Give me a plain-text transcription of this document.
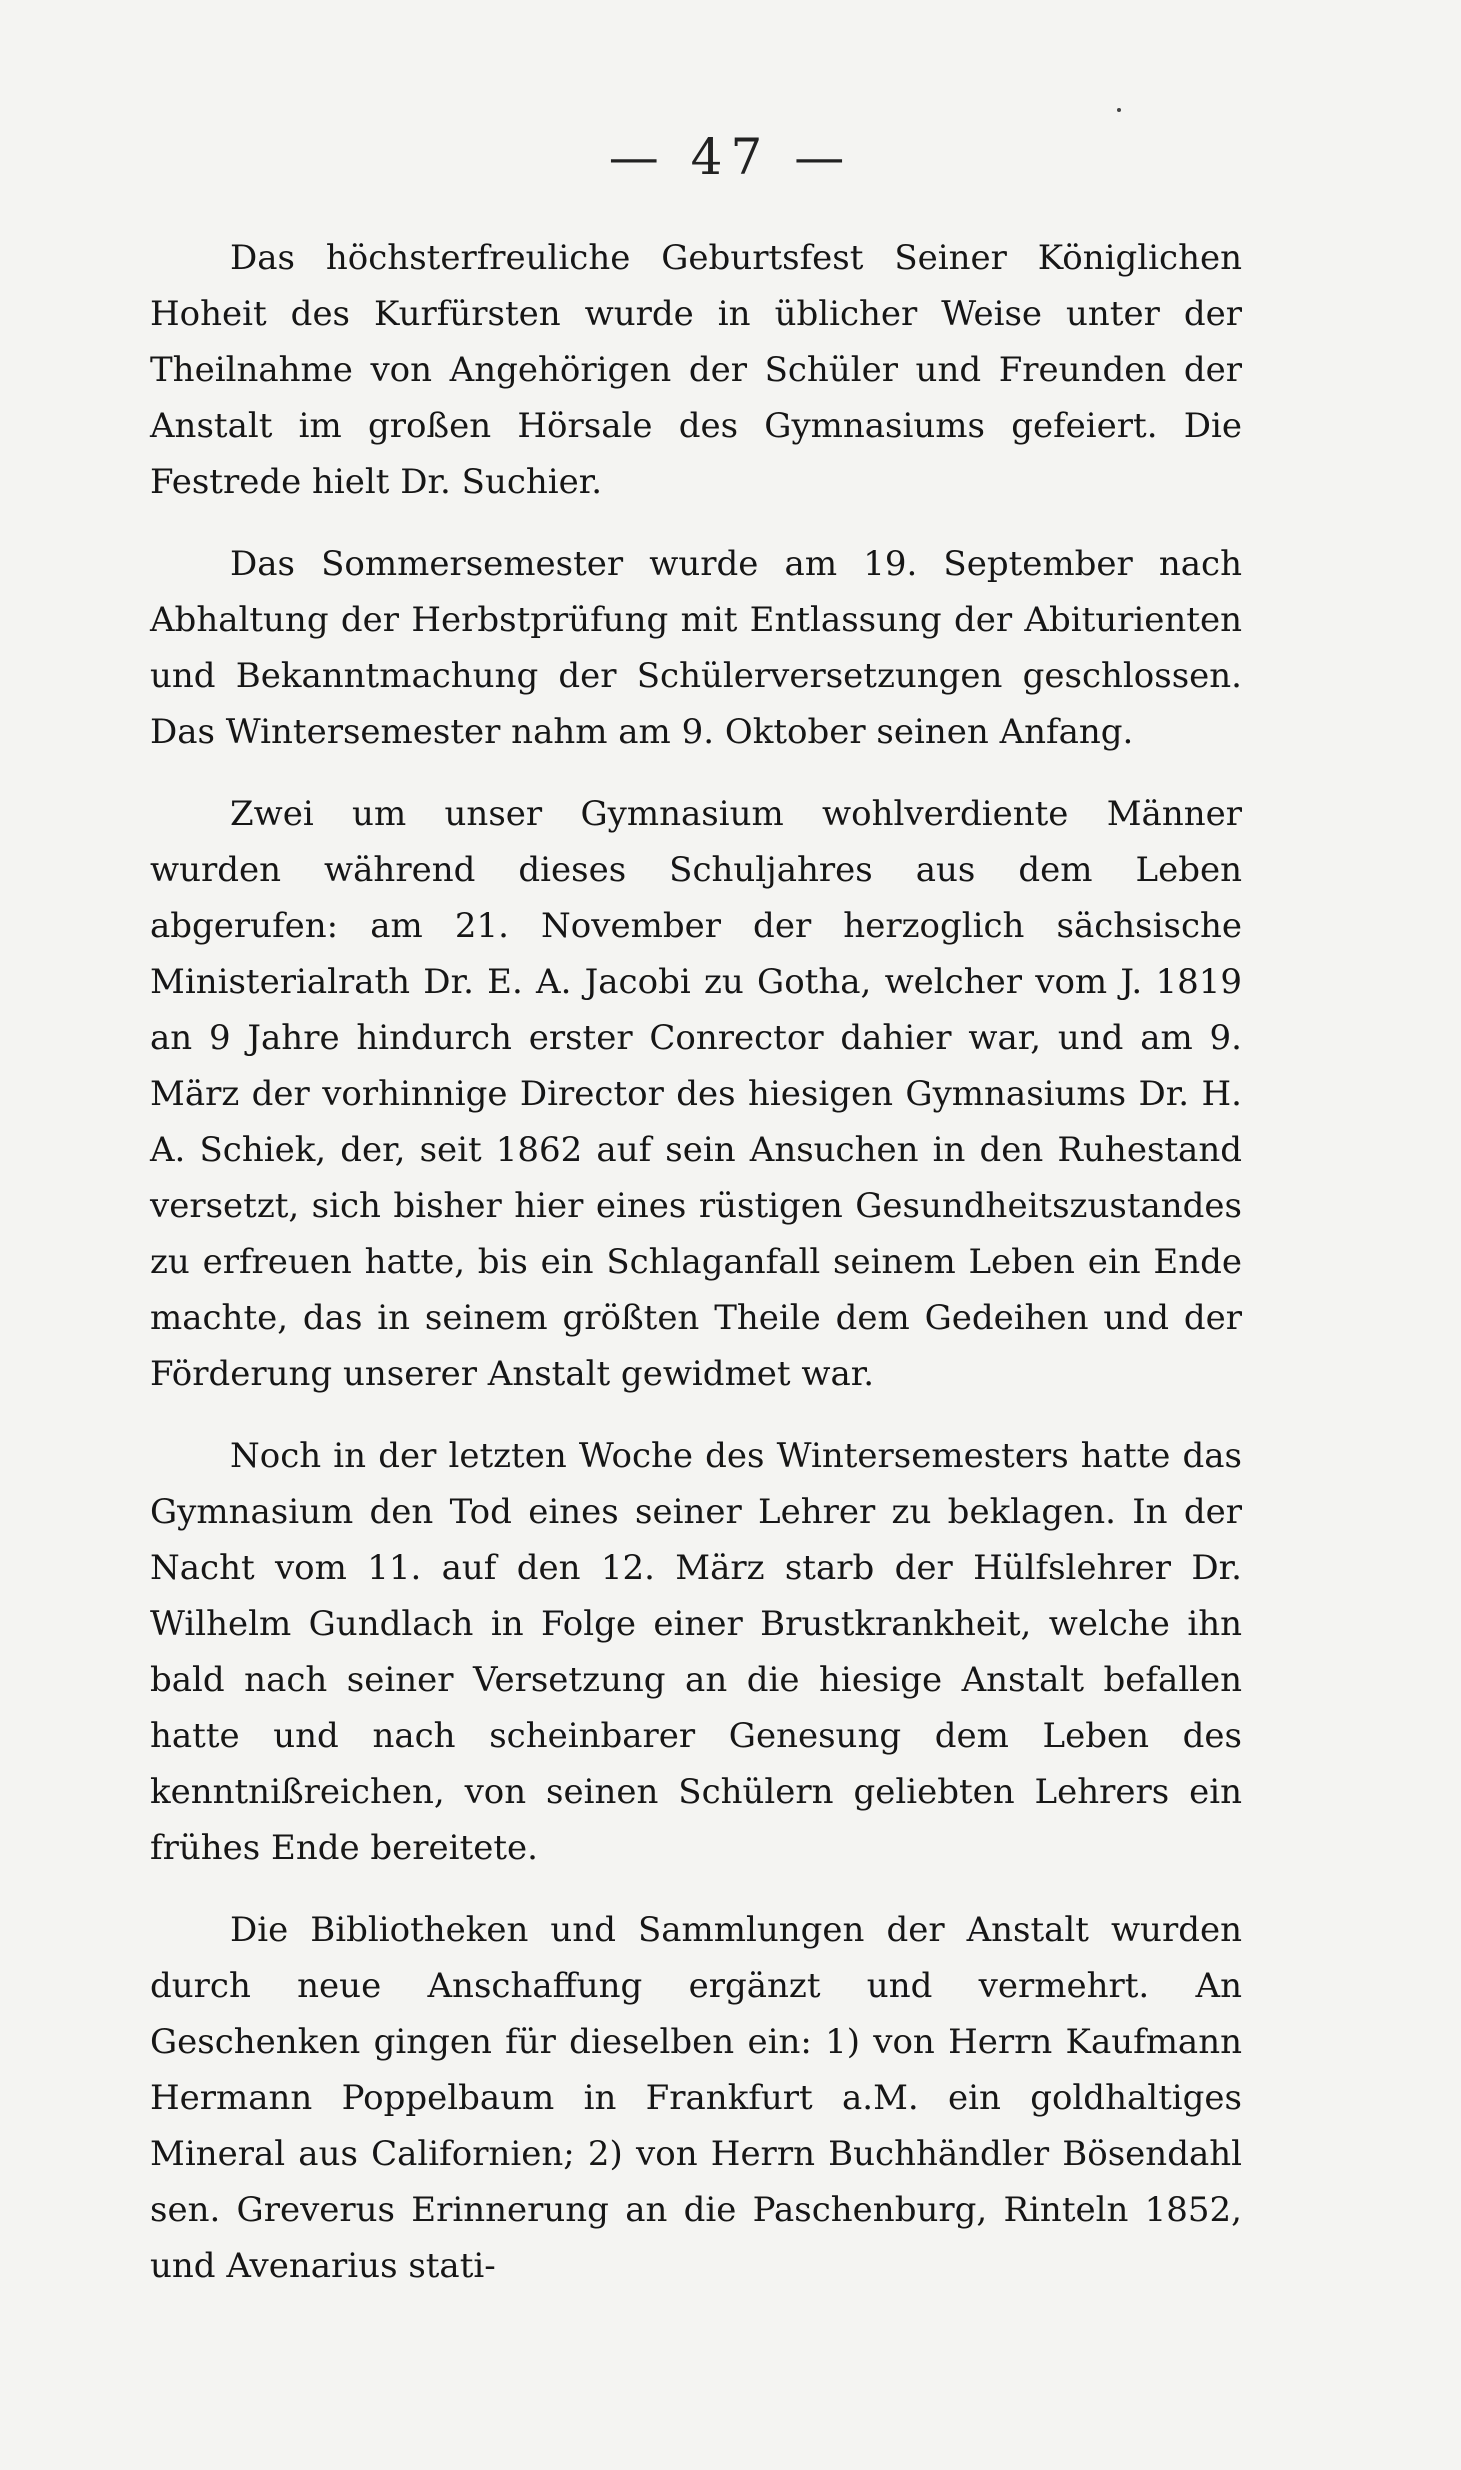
— 47 —

Das höchsterfreuliche Geburtsfest Seiner Königlichen Hoheit des Kurfürsten wurde in üblicher Weise unter der Theilnahme von Angehörigen der Schüler und Freunden der Anstalt im großen Hörsale des Gymnasiums gefeiert. Die Festrede hielt Dr. Suchier.

Das Sommersemester wurde am 19. September nach Abhaltung der Herbstprüfung mit Entlassung der Abiturienten und Bekanntmachung der Schülerversetzungen geschlossen. Das Wintersemester nahm am 9. Oktober seinen Anfang.

Zwei um unser Gymnasium wohlverdiente Männer wurden während dieses Schuljahres aus dem Leben abgerufen: am 21. November der herzoglich sächsische Ministerialrath Dr. E. A. Jacobi zu Gotha, welcher vom J. 1819 an 9 Jahre hindurch erster Conrector dahier war, und am 9. März der vorhinnige Director des hiesigen Gymnasiums Dr. H. A. Schiek, der, seit 1862 auf sein Ansuchen in den Ruhestand versetzt, sich bisher hier eines rüstigen Gesundheitszustandes zu erfreuen hatte, bis ein Schlaganfall seinem Leben ein Ende machte, das in seinem größten Theile dem Gedeihen und der Förderung unserer Anstalt gewidmet war.

Noch in der letzten Woche des Wintersemesters hatte das Gymnasium den Tod eines seiner Lehrer zu beklagen. In der Nacht vom 11. auf den 12. März starb der Hülfslehrer Dr. Wilhelm Gundlach in Folge einer Brustkrankheit, welche ihn bald nach seiner Versetzung an die hiesige Anstalt befallen hatte und nach scheinbarer Genesung dem Leben des kenntnißreichen, von seinen Schülern geliebten Lehrers ein frühes Ende bereitete.

Die Bibliotheken und Sammlungen der Anstalt wurden durch neue Anschaffung ergänzt und vermehrt. An Geschenken gingen für dieselben ein: 1) von Herrn Kaufmann Hermann Poppelbaum in Frankfurt a.M. ein goldhaltiges Mineral aus Californien; 2) von Herrn Buchhändler Bösendahl sen. Greverus Erinnerung an die Paschenburg, Rinteln 1852, und Avenarius stati-
